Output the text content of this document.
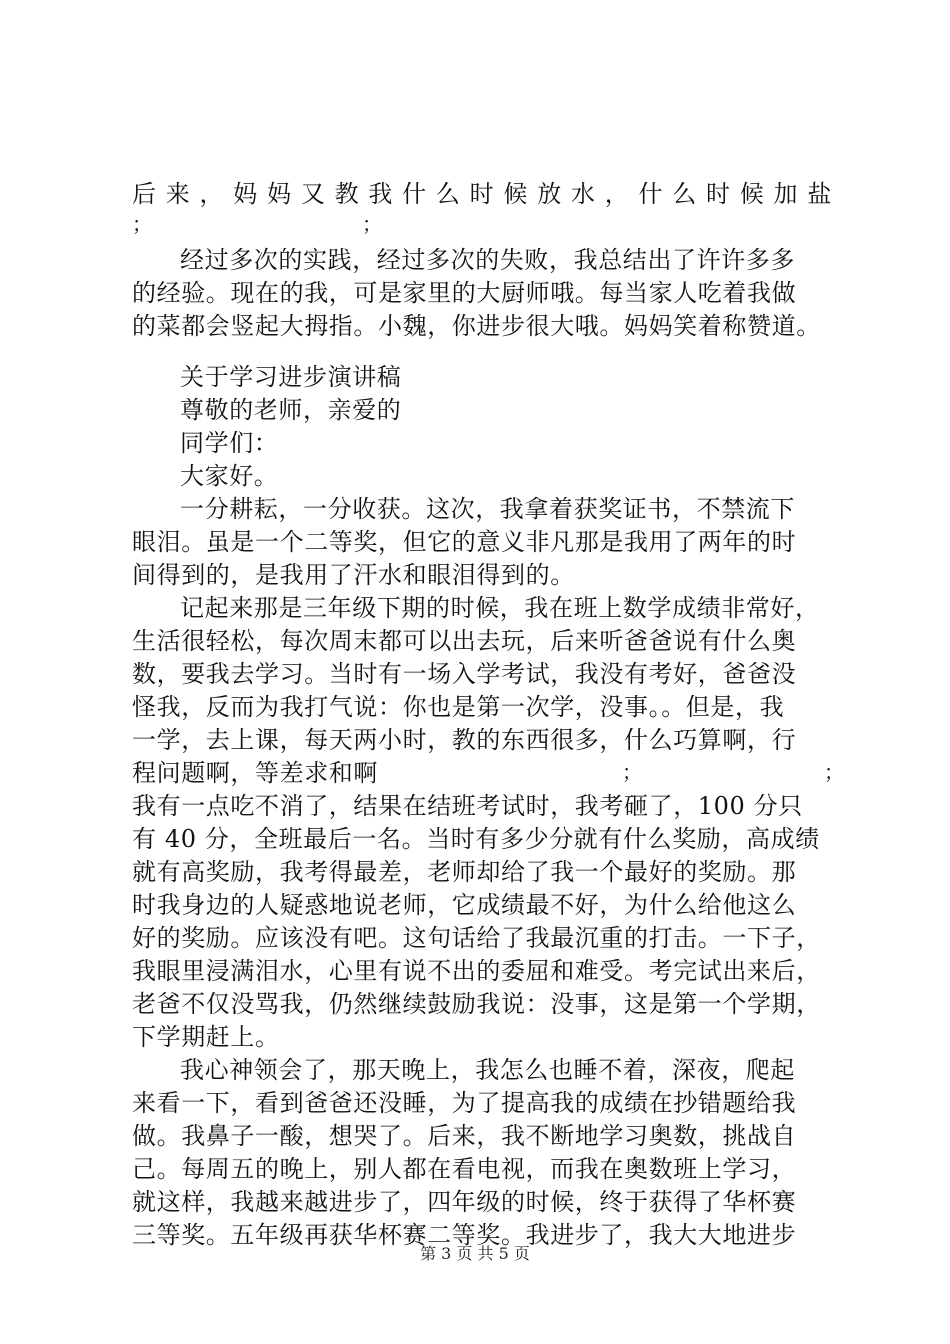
后 来 ， 妈 妈 又 教 我 什 么 时 候 放 水 ， 什 么 时 候 加 盐
；	；
经过多次的实践，经过多次的失败，我总结出了许许多多
的经验。现在的我，可是家里的大厨师哦。每当家人吃着我做
的菜都会竖起大拇指。小魏，你进步很大哦。妈妈笑着称赞道。
关于学习进步演讲稿
尊敬的老师，亲爱的
同学们：
大家好。
一分耕耘，一分收获。这次，我拿着获奖证书，不禁流下
眼泪。虽是一个二等奖，但它的意义非凡那是我用了两年的时
间得到的，是我用了汗水和眼泪得到的。
记起来那是三年级下期的时候，我在班上数学成绩非常好，
生活很轻松，每次周末都可以出去玩，后来听爸爸说有什么奥
数，要我去学习。当时有一场入学考试，我没有考好，爸爸没
怪我，反而为我打气说：你也是第一次学，没事。。但是，我
一学，去上课，每天两小时，教的东西很多，什么巧算啊，行
程问题啊，等差求和啊	；	；
我有一点吃不消了，结果在结班考试时，我考砸了，100 分只
有 40 分，全班最后一名。当时有多少分就有什么奖励，高成绩
就有高奖励，我考得最差，老师却给了我一个最好的奖励。那
时我身边的人疑惑地说老师，它成绩最不好，为什么给他这么
好的奖励。应该没有吧。这句话给了我最沉重的打击。一下子，
我眼里浸满泪水，心里有说不出的委屈和难受。考完试出来后，
老爸不仅没骂我，仍然继续鼓励我说：没事，这是第一个学期，
下学期赶上。
我心神领会了，那天晚上，我怎么也睡不着，深夜，爬起
来看一下，看到爸爸还没睡，为了提高我的成绩在抄错题给我
做。我鼻子一酸，想哭了。后来，我不断地学习奥数，挑战自
己。每周五的晚上，别人都在看电视，而我在奥数班上学习，
就这样，我越来越进步了，四年级的时候，终于获得了华杯赛
三等奖。五年级再获华杯赛二等奖。我进步了，我大大地进步
第 3 页 共 5 页
